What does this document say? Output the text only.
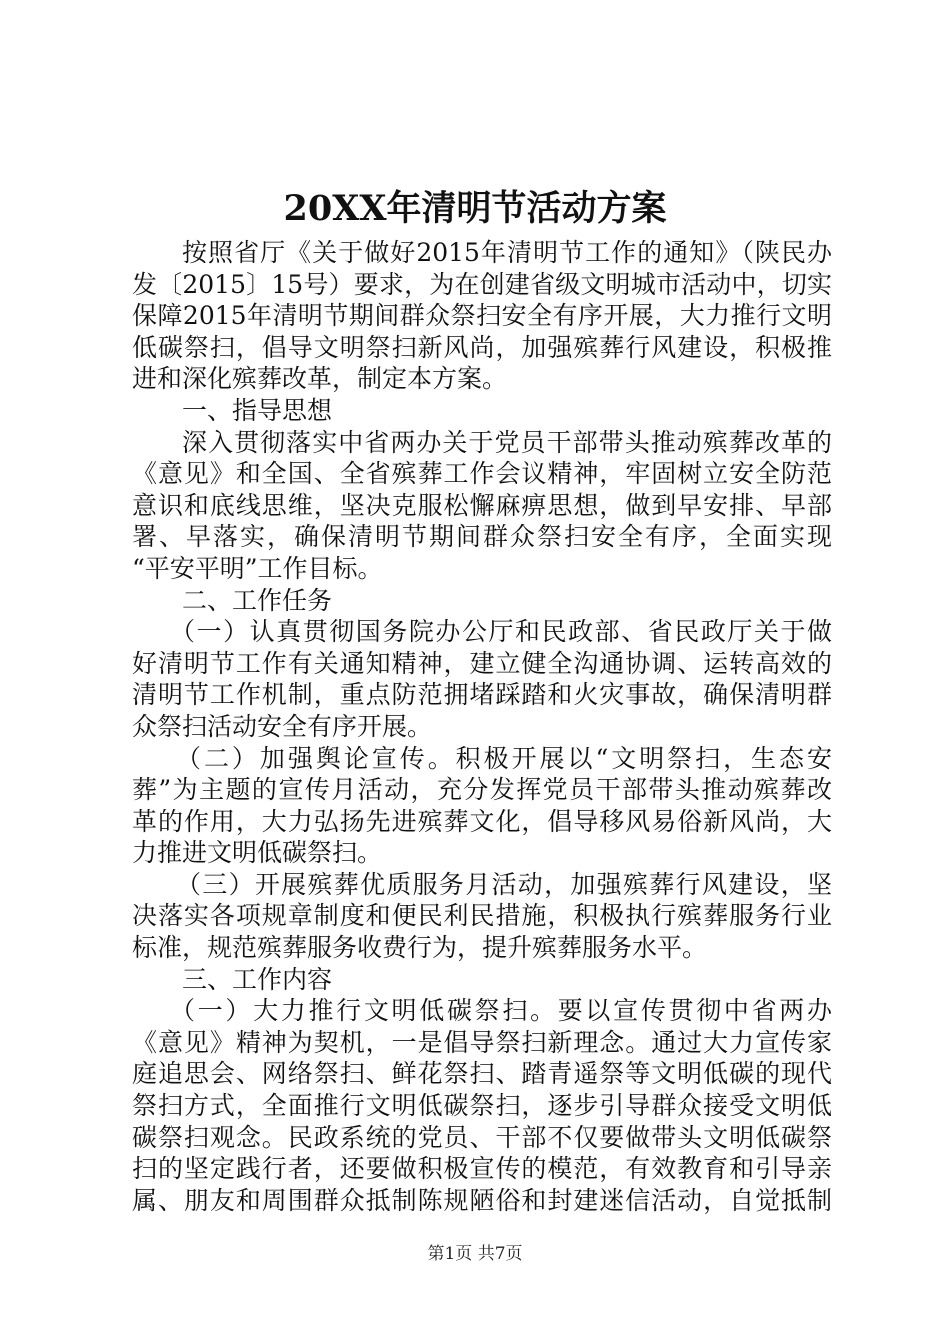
20XX年清明节活动方案
按照省厅《关于做好2015年清明节工作的通知》（陕民办
发〔2015〕15号）要求，为在创建省级文明城市活动中，切实
保障2015年清明节期间群众祭扫安全有序开展，大力推行文明
低碳祭扫，倡导文明祭扫新风尚，加强殡葬行风建设，积极推
进和深化殡葬改革，制定本方案。
一、指导思想
深入贯彻落实中省两办关于党员干部带头推动殡葬改革的
《意见》和全国、全省殡葬工作会议精神，牢固树立安全防范
意识和底线思维，坚决克服松懈麻痹思想，做到早安排、早部
署、早落实，确保清明节期间群众祭扫安全有序，全面实现
“平安平明”工作目标。
二、工作任务
（一）认真贯彻国务院办公厅和民政部、省民政厅关于做
好清明节工作有关通知精神，建立健全沟通协调、运转高效的
清明节工作机制，重点防范拥堵踩踏和火灾事故，确保清明群
众祭扫活动安全有序开展。
（二）加强舆论宣传。积极开展以“文明祭扫，生态安
葬”为主题的宣传月活动，充分发挥党员干部带头推动殡葬改
革的作用，大力弘扬先进殡葬文化，倡导移风易俗新风尚，大
力推进文明低碳祭扫。
（三）开展殡葬优质服务月活动，加强殡葬行风建设，坚
决落实各项规章制度和便民利民措施，积极执行殡葬服务行业
标准，规范殡葬服务收费行为，提升殡葬服务水平。
三、工作内容
（一）大力推行文明低碳祭扫。要以宣传贯彻中省两办
《意见》精神为契机，一是倡导祭扫新理念。通过大力宣传家
庭追思会、网络祭扫、鲜花祭扫、踏青遥祭等文明低碳的现代
祭扫方式，全面推行文明低碳祭扫，逐步引导群众接受文明低
碳祭扫观念。民政系统的党员、干部不仅要做带头文明低碳祭
扫的坚定践行者，还要做积极宣传的模范，有效教育和引导亲
属、朋友和周围群众抵制陈规陋俗和封建迷信活动，自觉抵制
第1页 共7页
